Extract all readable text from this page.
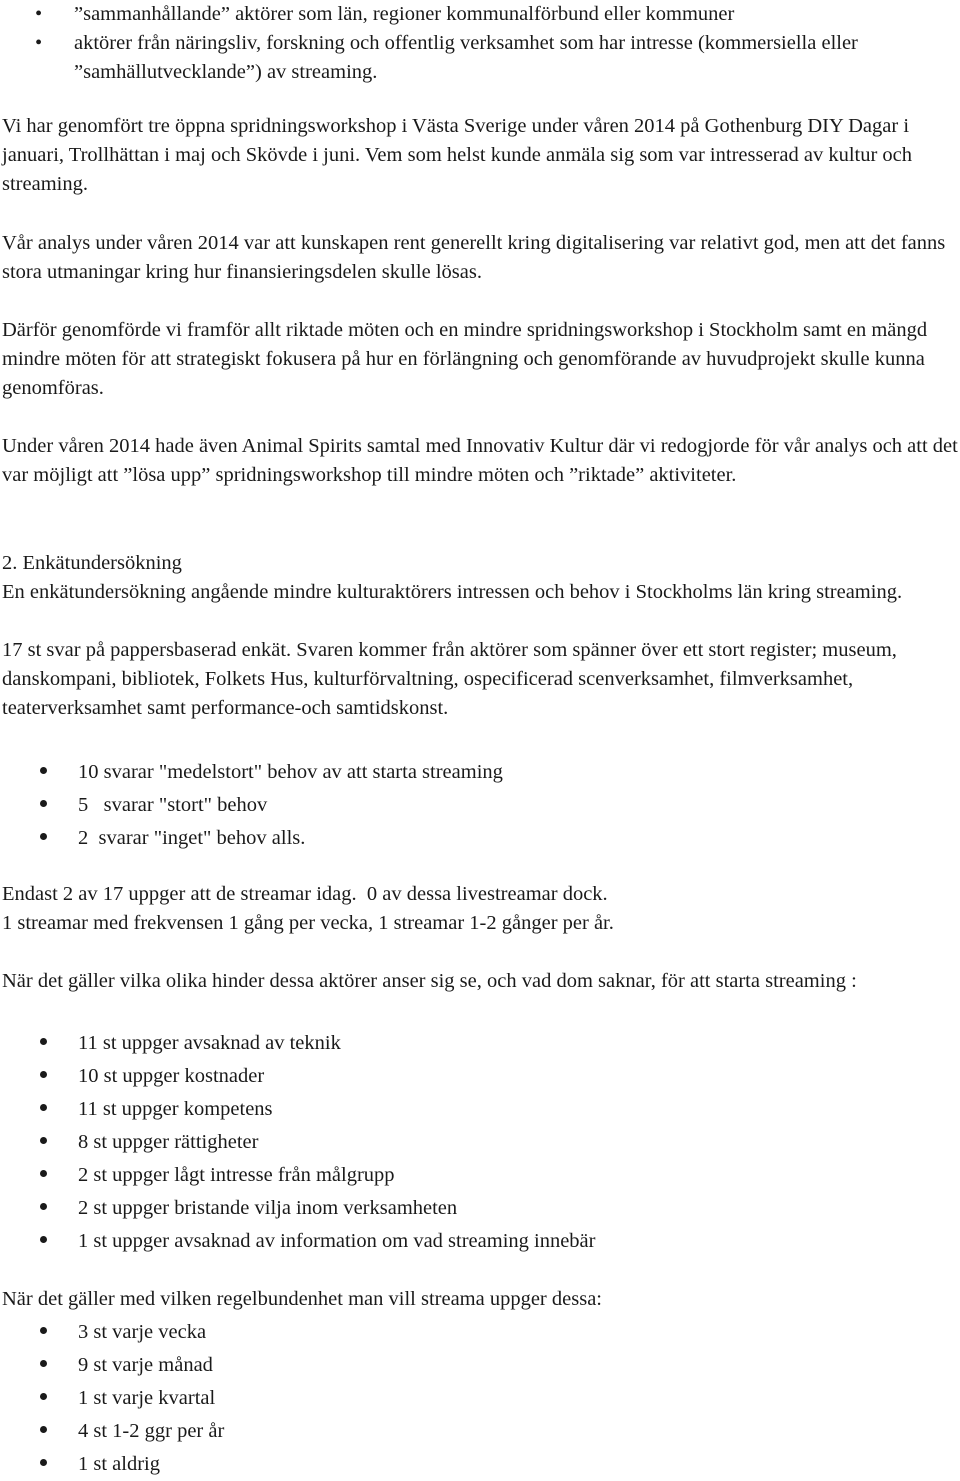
• ”sammanhållande” aktörer som län, regioner kommunalförbund eller kommuner
• aktörer från näringsliv, forskning och offentlig verksamhet som har intresse (kommersiella eller ”samhällutvecklande”) av streaming.

Vi har genomfört tre öppna spridningsworkshop i Västa Sverige under våren 2014 på Gothenburg DIY Dagar i januari, Trollhättan i maj och Skövde i juni. Vem som helst kunde anmäla sig som var intresserad av kultur och streaming.

Vår analys under våren 2014 var att kunskapen rent generellt kring digitalisering var relativt god, men att det fanns stora utmaningar kring hur finansieringsdelen skulle lösas.

Därför genomförde vi framför allt riktade möten och en mindre spridningsworkshop i Stockholm samt en mängd mindre möten för att strategiskt fokusera på hur en förlängning och genomförande av huvudprojekt skulle kunna genomföras.

Under våren 2014 hade även Animal Spirits samtal med Innovativ Kultur där vi redogjorde för vår analys och att det var möjligt att ”lösa upp” spridningsworkshop till mindre möten och ”riktade” aktiviteter.

2. Enkätundersökning

En enkätundersökning angående mindre kulturaktörers intressen och behov i Stockholms län kring streaming.

17 st svar på pappersbaserad enkät. Svaren kommer från aktörer som spänner över ett stort register; museum, danskompani, bibliotek, Folkets Hus, kulturförvaltning, ospecificerad scenverksamhet, filmverksamhet, teaterverksamhet samt performance-och samtidskonst.

10 svarar "medelstort" behov av att starta streaming
5   svarar "stort" behov
2  svarar "inget" behov alls.

Endast 2 av 17 uppger att de streamar idag.  0 av dessa livestreamar dock.

1 streamar med frekvensen 1 gång per vecka, 1 streamar 1-2 gånger per år.

När det gäller vilka olika hinder dessa aktörer anser sig se, och vad dom saknar, för att starta streaming :

11 st uppger avsaknad av teknik
10 st uppger kostnader
11 st uppger kompetens
8 st uppger rättigheter
2 st uppger lågt intresse från målgrupp
2 st uppger bristande vilja inom verksamheten
1 st uppger avsaknad av information om vad streaming innebär

När det gäller med vilken regelbundenhet man vill streama uppger dessa:

3 st varje vecka
9 st varje månad
1 st varje kvartal
4 st 1-2 ggr per år
1 st aldrig
